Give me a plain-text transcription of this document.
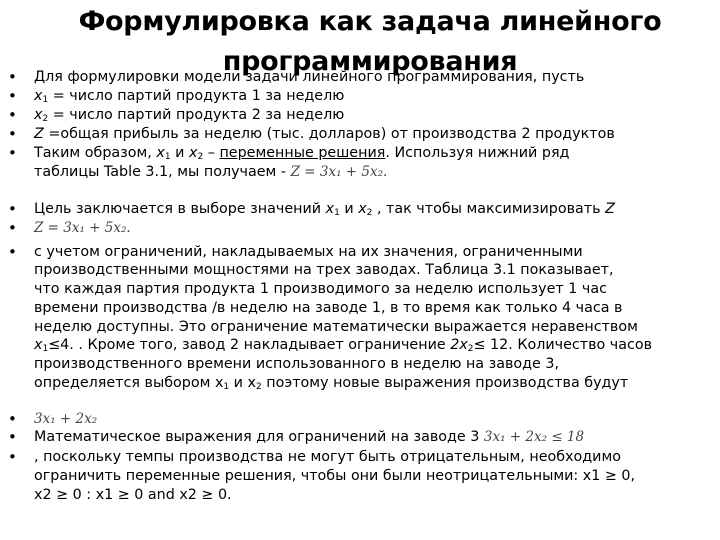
Формулировка как задача линейного
программирования
•
•
•
•
•
•
•
•
•
•
•
Для формулировки модели задачи линейного программирования, пусть
$x_1$ = число партий продукта 1 за неделю
$x_2$ = число партий продукта 2 за неделю
Z =общая прибыль за неделю (тыс. долларов) от производства 2 продуктов
Таким образом, $x_1$ и $x_2$ – переменные решения. Используя нижний ряд
таблицы Table 3.1, мы получаем - Z = 3x₁ + 5x₂.
Цель заключается в выборе значений $x_1$ и $x_2$ , так чтобы максимизировать Z
Z = 3x₁ + 5x₂.
с учетом ограничений, накладываемых на их значения, ограниченными
производственными мощностями на трех заводах. Таблица 3.1 показывает,
что каждая партия продукта 1 производимого за неделю использует 1 час
времени производства /в неделю на заводе 1, в то время как только 4 часа в
неделю доступны. Это ограничение математически выражается неравенством
$x_1\le 4$. . Кроме того, завод 2 накладывает ограничение $2x_2\le 12$. Количество часов
производственного времени использованного в неделю на заводе 3,
определяется выбором $x_1$ и $x_2$ поэтому новые выражения производства будут
3x₁ + 2x₂
Математическое выражения для ограничений на заводе 3 3x₁ + 2x₂ ≤ 18
, поскольку темпы производства не могут быть отрицательным, необходимо
ограничить переменные решения, чтобы они были неотрицательными: x1 ≥ 0,
x2 ≥ 0 : x1 ≥ 0 and x2 ≥ 0.
